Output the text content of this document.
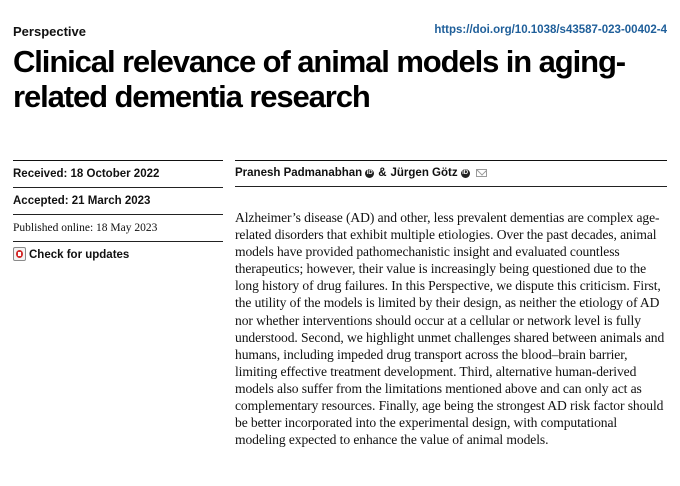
Perspective	https://doi.org/10.1038/s43587-023-00402-4
Clinical relevance of animal models in aging-related dementia research
Received: 18 October 2022
Accepted: 21 March 2023
Published online: 18 May 2023
Check for updates
Pranesh Padmanabhan iD & Jürgen Götz iD

Alzheimer’s disease (AD) and other, less prevalent dementias are complex age-related disorders that exhibit multiple etiologies. Over the past decades, animal models have provided pathomechanistic insight and evaluated countless therapeutics; however, their value is increasingly being questioned due to the long history of drug failures. In this Perspective, we dispute this criticism. First, the utility of the models is limited by their design, as neither the etiology of AD nor whether interventions should occur at a cellular or network level is fully understood. Second, we highlight unmet challenges shared between animals and humans, including impeded drug transport across the blood–brain barrier, limiting effective treatment development. Third, alternative human-derived models also suffer from the limitations mentioned above and can only act as complementary resources. Finally, age being the strongest AD risk factor should be better incorporated into the experimental design, with computational modeling expected to enhance the value of animal models.
